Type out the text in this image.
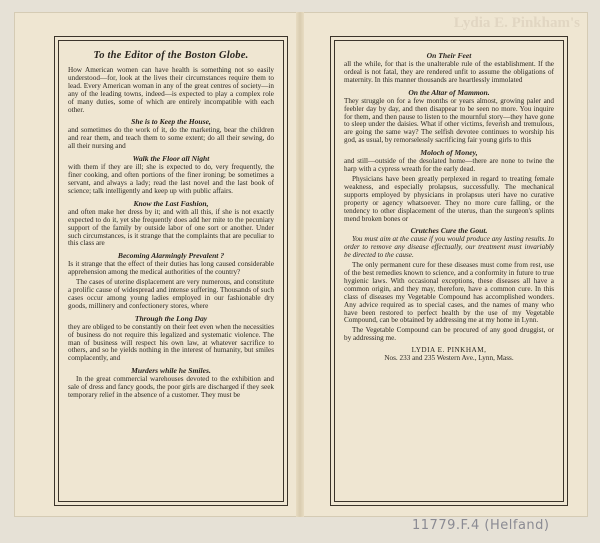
To the Editor of the Boston Globe.

How American women can have health is something not so easily understood—for, look at the lives their circumstances require them to lead. Every American woman in any of the great centres of society—in any of the leading towns, indeed—is expected to play a complex role of many duties, some of which are entirely incompatible with each other.

She is to Keep the House,

and sometimes do the work of it, do the marketing, bear the children and rear them, and teach them to some extent; do all their sewing, do all their nursing and

Walk the Floor all Night

with them if they are ill; she is expected to do, very frequently, the finer cooking, and often portions of the finer ironing; be sometimes a servant, and always a lady; read the last novel and the last book of science; talk intelligently and keep up with public affairs.

Know the Last Fashion,

and often make her dress by it; and with all this, if she is not exactly expected to do it, yet she frequently does add her mite to the pecuniary support of the family by outside labor of one sort or another. Under such circumstances, is it strange that the complaints that are peculiar to this class are

Becoming Alarmingly Prevalent ?

Is it strange that the effect of their duties has long caused considerable apprehension among the medical authorities of the country?

The cases of uterine displacement are very numerous, and constitute a prolific cause of widespread and intense suffering. Thousands of such cases occur among young ladies employed in our fashionable dry goods, millinery and confectionery stores, where

Through the Long Day

they are obliged to be constantly on their feet even when the necessities of business do not require this legalized and systematic violence. The man of business will respect his own law, at whatever sacrifice to others, and so he yields nothing in the interest of humanity, but smiles complacently, and

Murders while he Smiles.

In the great commercial warehouses devoted to the exhibition and sale of dress and fancy goods, the poor girls are discharged if they seek temporary relief in the absence of a customer. They must be

On Their Feet

all the while, for that is the unalterable rule of the establishment. If the ordeal is not fatal, they are rendered unfit to assume the obligations of maternity. In this manner thousands are heartlessly immolated

On the Altar of Mammon.

They struggle on for a few months or years almost, growing paler and feebler day by day, and then disappear to be seen no more. You inquire for them, and then pause to listen to the mournful story—they have gone to sleep under the daisies. What if other victims, feverish and tremulous, are going the same way? The selfish devotee continues to worship his god, as usual, by remorselessly sacrificing fair young girls to this

Moloch of Money,

and still—outside of the desolated home—there are none to twine the harp with a cypress wreath for the early dead.

Physicians have been greatly perplexed in regard to treating female weakness, and especially prolapsus, successfully. The mechanical supports employed by physicians in prolapsus uteri have no curative property or agency whatsoever. They no more cure falling, or the tendency to other displacement of the uterus, than the surgeon's splints mend broken bones or

Crutches Cure the Gout.

You must aim at the cause if you would produce any lasting results. In order to remove any disease effectually, our treatment must invariably be directed to the cause.

The only permanent cure for these diseases must come from rest, use of the best remedies known to science, and a conformity in future to true hygienic laws. With occasional exceptions, these diseases all have a common origin, and they may, therefore, have a common cure. In this class of diseases my Vegetable Compound has accomplished wonders. Any advice required as to special cases, and the names of many who have been restored to perfect health by the use of my Vegetable Compound, can be obtained by addressing me at my home in Lynn.

The Vegetable Compound can be procured of any good druggist, or by addressing me.

LYDIA E. PINKHAM,
Nos. 233 and 235 Western Ave., Lynn, Mass.
11779.F.4 (Helfand)
